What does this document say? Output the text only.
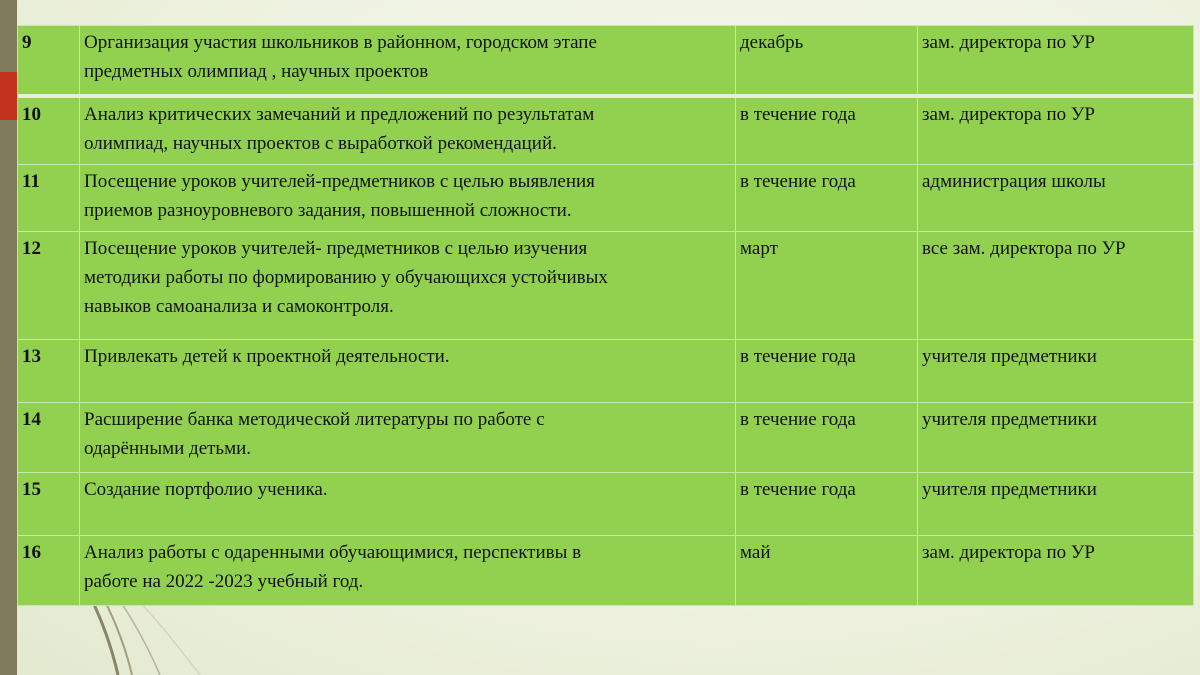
9	Организация участия школьников в районном, городском этапе
предметных олимпиад , научных проектов	декабрь	зам. директора по УР
10	Анализ критических замечаний и предложений по результатам
олимпиад, научных проектов с выработкой рекомендаций.	в течение года	зам. директора по УР
11	Посещение уроков учителей-предметников с целью выявления
приемов разноуровневого задания, повышенной сложности.	в течение года	администрация школы
12	Посещение уроков учителей- предметников с целью изучения
методики работы по формированию у обучающихся устойчивых
навыков самоанализа и самоконтроля.	март	все зам. директора по УР
13	Привлекать детей к проектной деятельности.	в течение года	учителя предметники
14	Расширение банка методической литературы по работе с
одарёнными детьми.	в течение года	учителя предметники
15	Создание портфолио ученика.	в течение года	учителя предметники
16	Анализ работы с одаренными обучающимися, перспективы в
работе на 2022 -2023 учебный год.	май	зам. директора по УР
